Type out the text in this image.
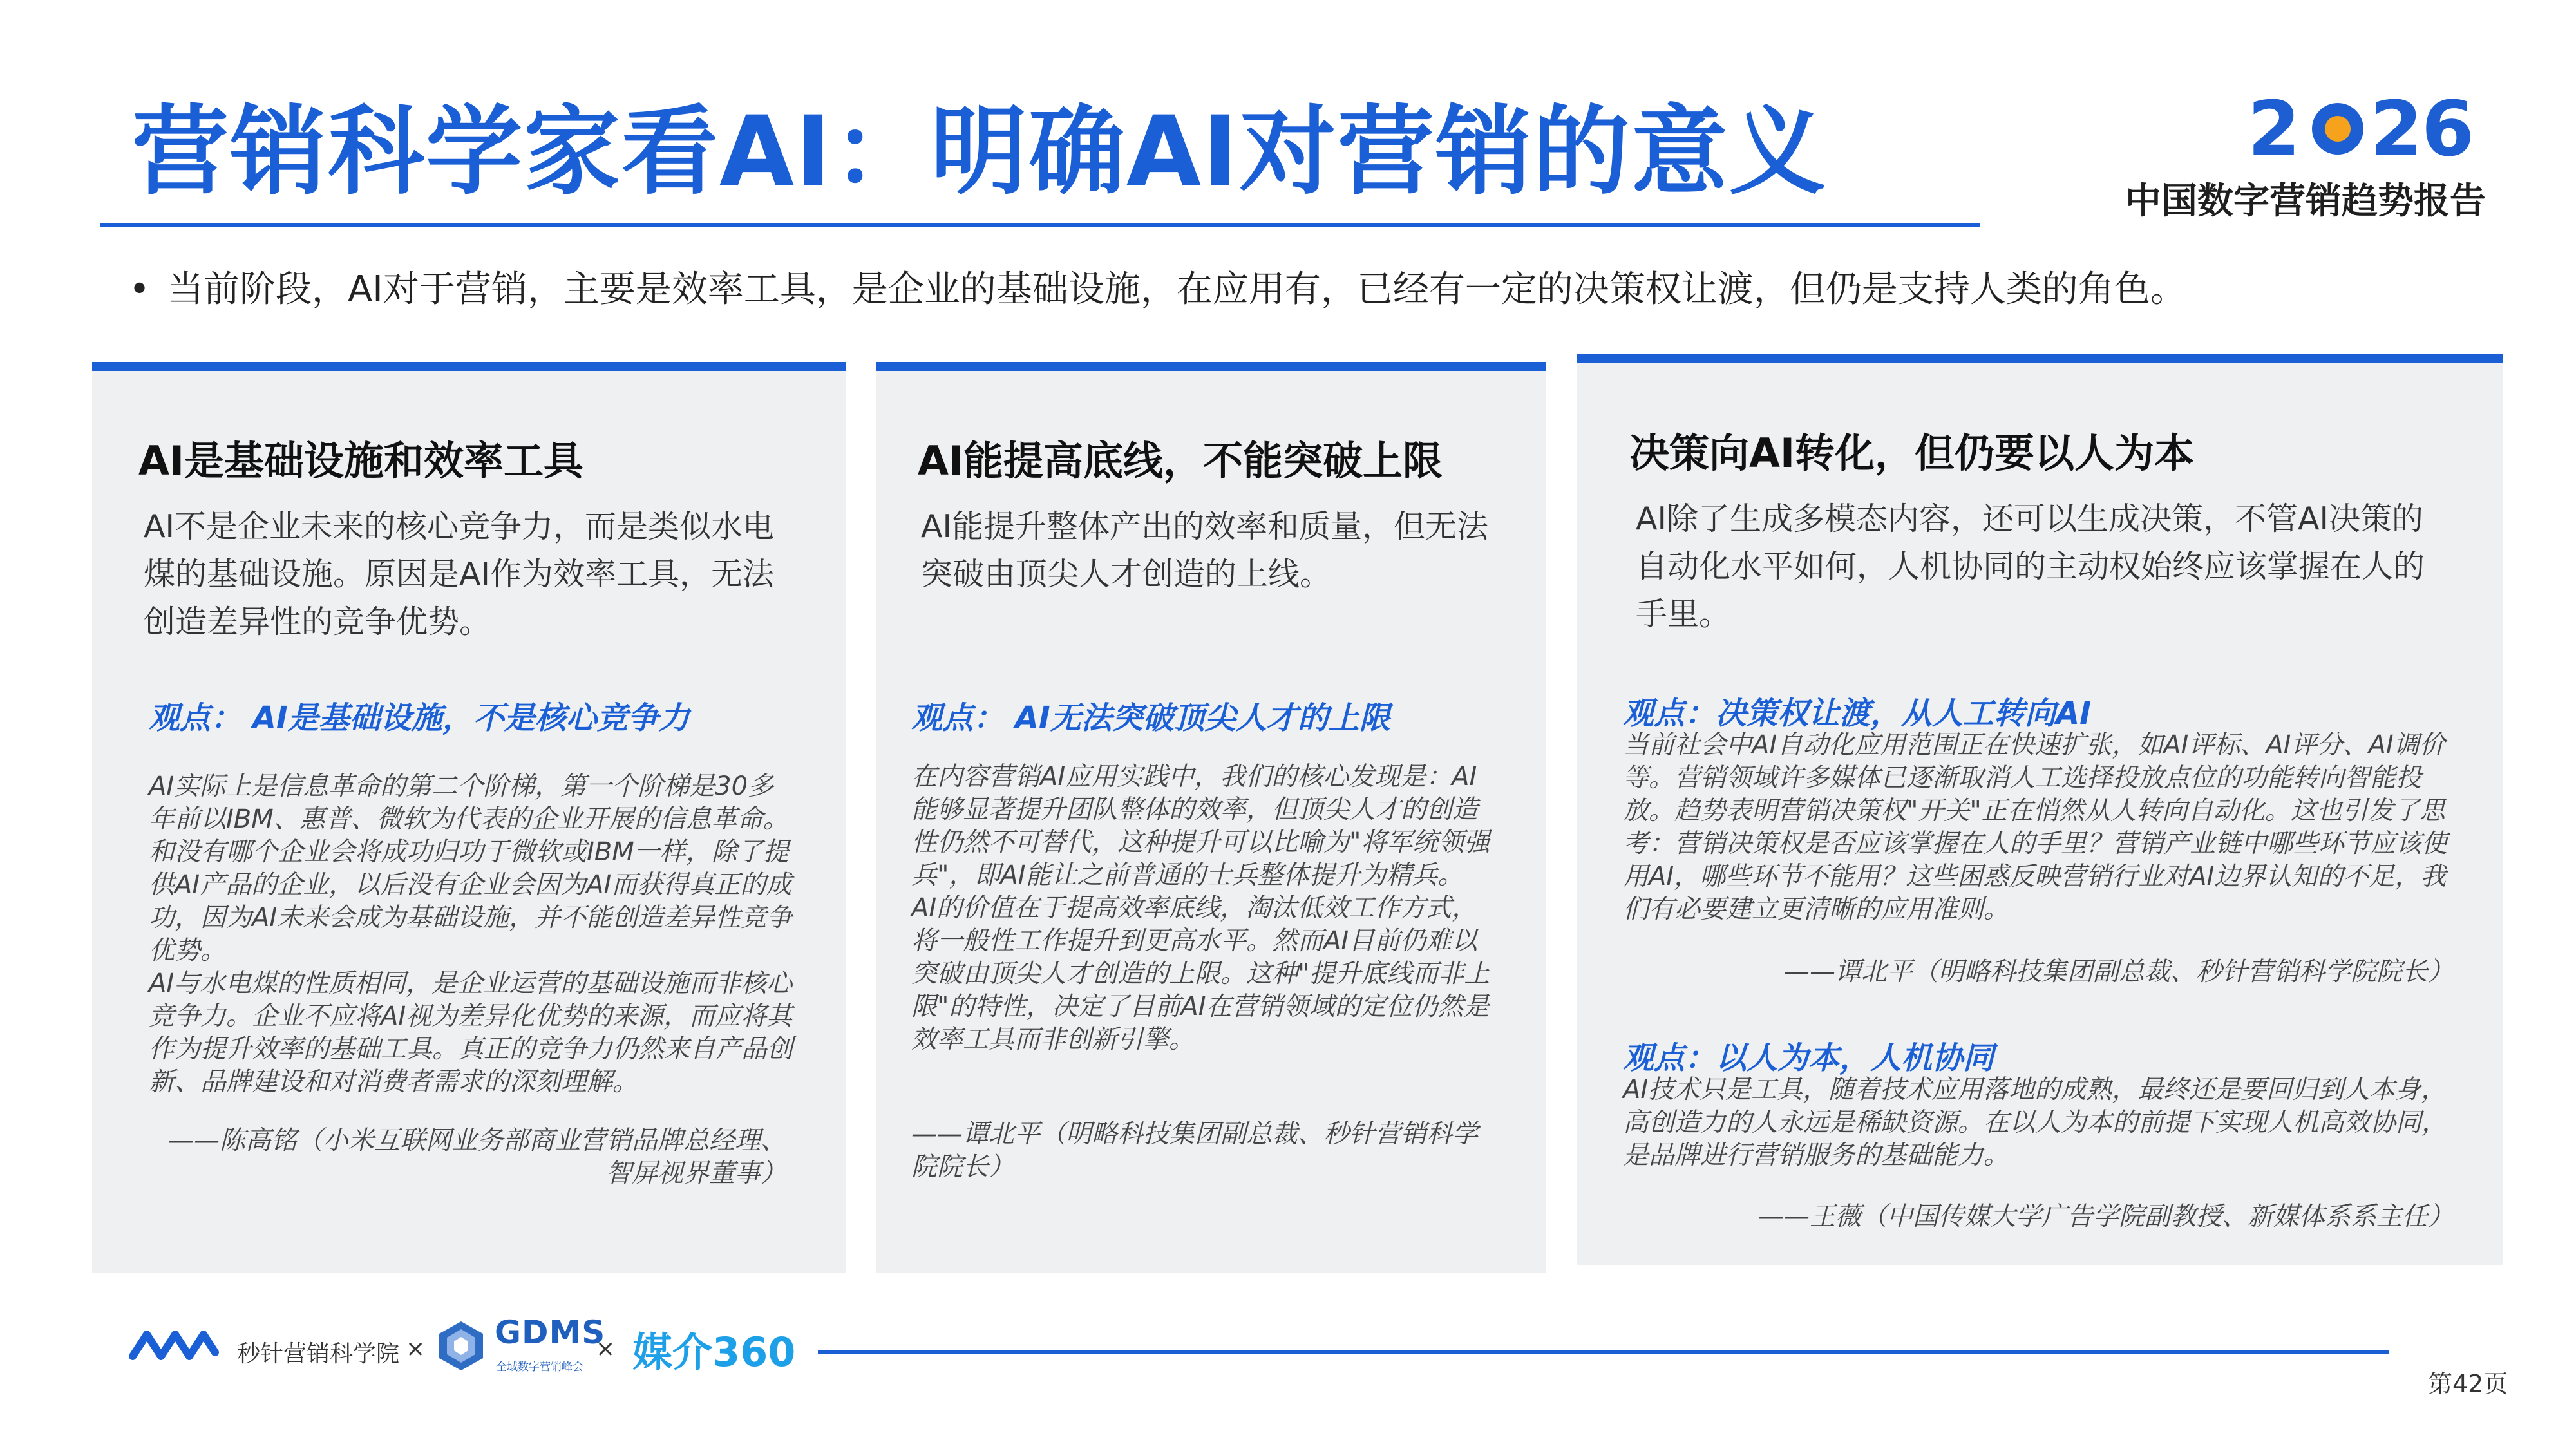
营销科学家看AI：明确AI对营销的意义	2 2
6
中国数字营销趋势报告
• 当前阶段，AI对于营销，主要是效率工具，是企业的基础设施，在应用有，已经有一定的决策权让渡，但仍是支持人类的角色。
AI是基础设施和效率工具
AI不是企业未来的核心竞争力，而是类似水电煤的基础设施。原因是AI作为效率工具，无法创造差异性的竞争优势。
观点： AI是基础设施，不是核心竞争力

AI实际上是信息革命的第二个阶梯，第一个阶梯是30多年前以IBM、惠普、微软为代表的企业开展的信息革命。和没有哪个企业会将成功归功于微软或IBM一样，除了提供AI产品的企业，以后没有企业会因为AI而获得真正的成功，因为AI未来会成为基础设施，并不能创造差异性竞争优势。

AI与水电煤的性质相同，是企业运营的基础设施而非核心竞争力。企业不应将AI视为差异化优势的来源，而应将其作为提升效率的基础工具。真正的竞争力仍然来自产品创新、品牌建设和对消费者需求的深刻理解。

——陈高铭（小米互联网业务部商业营销品牌总经理、智屏视界董事）
AI能提高底线，不能突破上限
AI能提升整体产出的效率和质量，但无法突破由顶尖人才创造的上线。
观点： AI无法突破顶尖人才的上限

在内容营销AI应用实践中，我们的核心发现是：AI能够显著提升团队整体的效率，但顶尖人才的创造性仍然不可替代，这种提升可以比喻为"将军统领强兵"，即AI能让之前普通的士兵整体提升为精兵。

AI的价值在于提高效率底线，淘汰低效工作方式，将一般性工作提升到更高水平。然而AI目前仍难以突破由顶尖人才创造的上限。这种"提升底线而非上限"的特性，决定了目前AI在营销领域的定位仍然是效率工具而非创新引擎。

——谭北平（明略科技集团副总裁、秒针营销科学院院长）
决策向AI转化，但仍要以人为本
AI除了生成多模态内容，还可以生成决策，不管AI决策的自动化水平如何，人机协同的主动权始终应该掌握在人的手里。
观点：决策权让渡，从人工转向AI

当前社会中AI自动化应用范围正在快速扩张，如AI评标、AI评分、AI调价等。营销领域许多媒体已逐渐取消人工选择投放点位的功能转向智能投放。趋势表明营销决策权"开关"正在悄然从人转向自动化。这也引发了思考：营销决策权是否应该掌握在人的手里？营销产业链中哪些环节应该使用AI，哪些环节不能用？这些困惑反映营销行业对AI边界认知的不足，我们有必要建立更清晰的应用准则。

——谭北平（明略科技集团副总裁、秒针营销科学院院长）
观点：以人为本，人机协同

AI技术只是工具，随着技术应用落地的成熟，最终还是要回归到人本身，高创造力的人永远是稀缺资源。在以人为本的前提下实现人机高效协同，是品牌进行营销服务的基础能力。

——王薇（中国传媒大学广告学院副教授、新媒体系系主任）
秒针营销科学院 × GDMS
全域数字营销峰会
× 媒介360
第42页
